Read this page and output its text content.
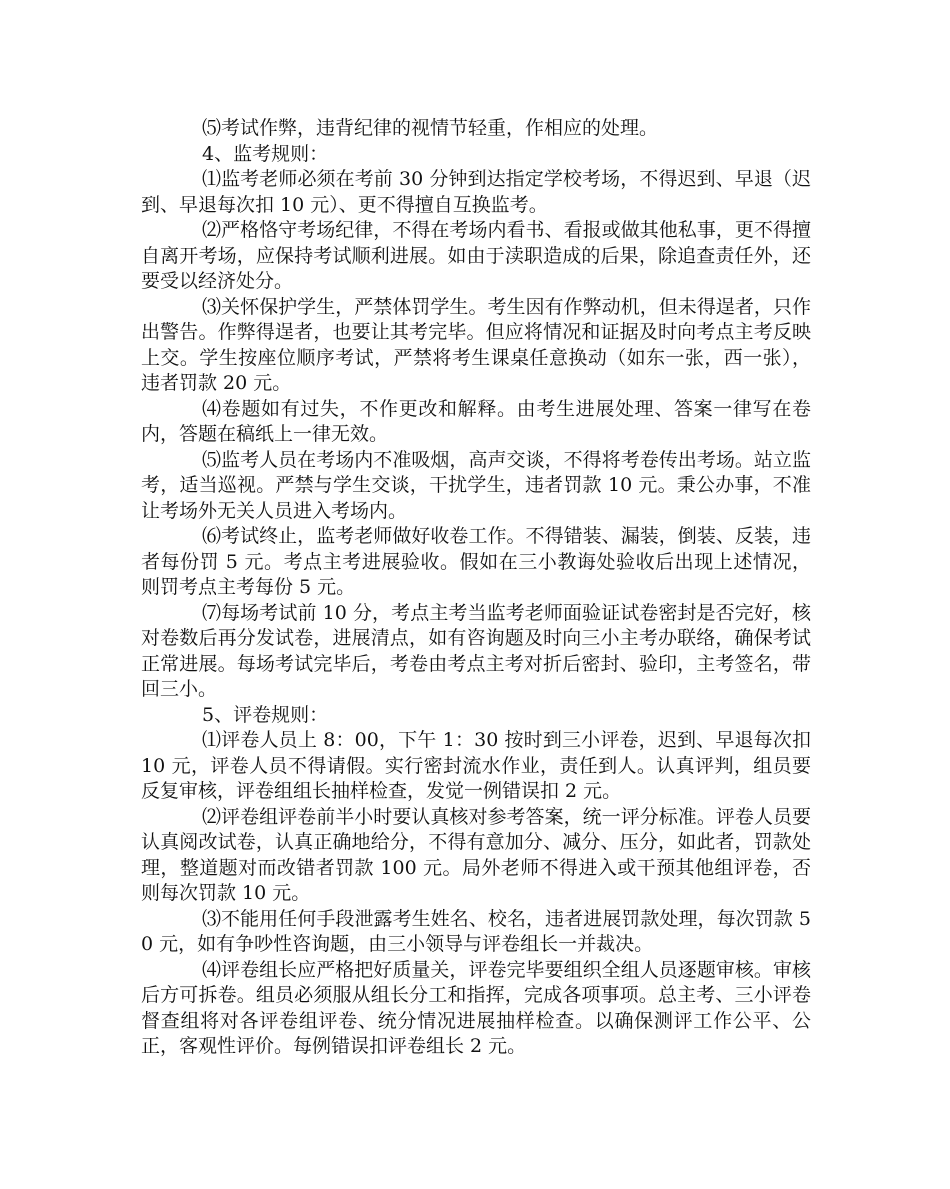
⑸考试作弊，违背纪律的视情节轻重，作相应的处理。

4、监考规则：

⑴监考老师必须在考前 30 分钟到达指定学校考场，不得迟到、早退（迟到、早退每次扣 10 元）、更不得擅自互换监考。

⑵严格恪守考场纪律，不得在考场内看书、看报或做其他私事，更不得擅自离开考场，应保持考试顺利进展。如由于渎职造成的后果，除追查责任外，还要受以经济处分。

⑶关怀保护学生，严禁体罚学生。考生因有作弊动机，但未得逞者，只作出警告。作弊得逞者，也要让其考完毕。但应将情况和证据及时向考点主考反映上交。学生按座位顺序考试，严禁将考生课桌任意换动（如东一张，西一张），违者罚款 20 元。

⑷卷题如有过失，不作更改和解释。由考生进展处理、答案一律写在卷内，答题在稿纸上一律无效。

⑸监考人员在考场内不准吸烟，高声交谈，不得将考卷传出考场。站立监考，适当巡视。严禁与学生交谈，干扰学生，违者罚款 10 元。秉公办事，不准让考场外无关人员进入考场内。

⑹考试终止，监考老师做好收卷工作。不得错装、漏装，倒装、反装，违者每份罚 5 元。考点主考进展验收。假如在三小教诲处验收后出现上述情况，则罚考点主考每份 5 元。

⑺每场考试前 10 分，考点主考当监考老师面验证试卷密封是否完好，核对卷数后再分发试卷，进展清点，如有咨询题及时向三小主考办联络，确保考试正常进展。每场考试完毕后，考卷由考点主考对折后密封、验印，主考签名，带回三小。

5、评卷规则：

⑴评卷人员上 8：00，下午 1：30 按时到三小评卷，迟到、早退每次扣 10 元，评卷人员不得请假。实行密封流水作业，责任到人。认真评判，组员要反复审核，评卷组组长抽样检查，发觉一例错误扣 2 元。

⑵评卷组评卷前半小时要认真核对参考答案，统一评分标准。评卷人员要认真阅改试卷，认真正确地给分，不得有意加分、减分、压分，如此者，罚款处理，整道题对而改错者罚款 100 元。局外老师不得进入或干预其他组评卷，否则每次罚款 10 元。

⑶不能用任何手段泄露考生姓名、校名，违者进展罚款处理，每次罚款 50 元，如有争吵性咨询题，由三小领导与评卷组长一并裁决。

⑷评卷组长应严格把好质量关，评卷完毕要组织全组人员逐题审核。审核后方可拆卷。组员必须服从组长分工和指挥，完成各项事项。总主考、三小评卷督查组将对各评卷组评卷、统分情况进展抽样检查。以确保测评工作公平、公正，客观性评价。每例错误扣评卷组长 2 元。
